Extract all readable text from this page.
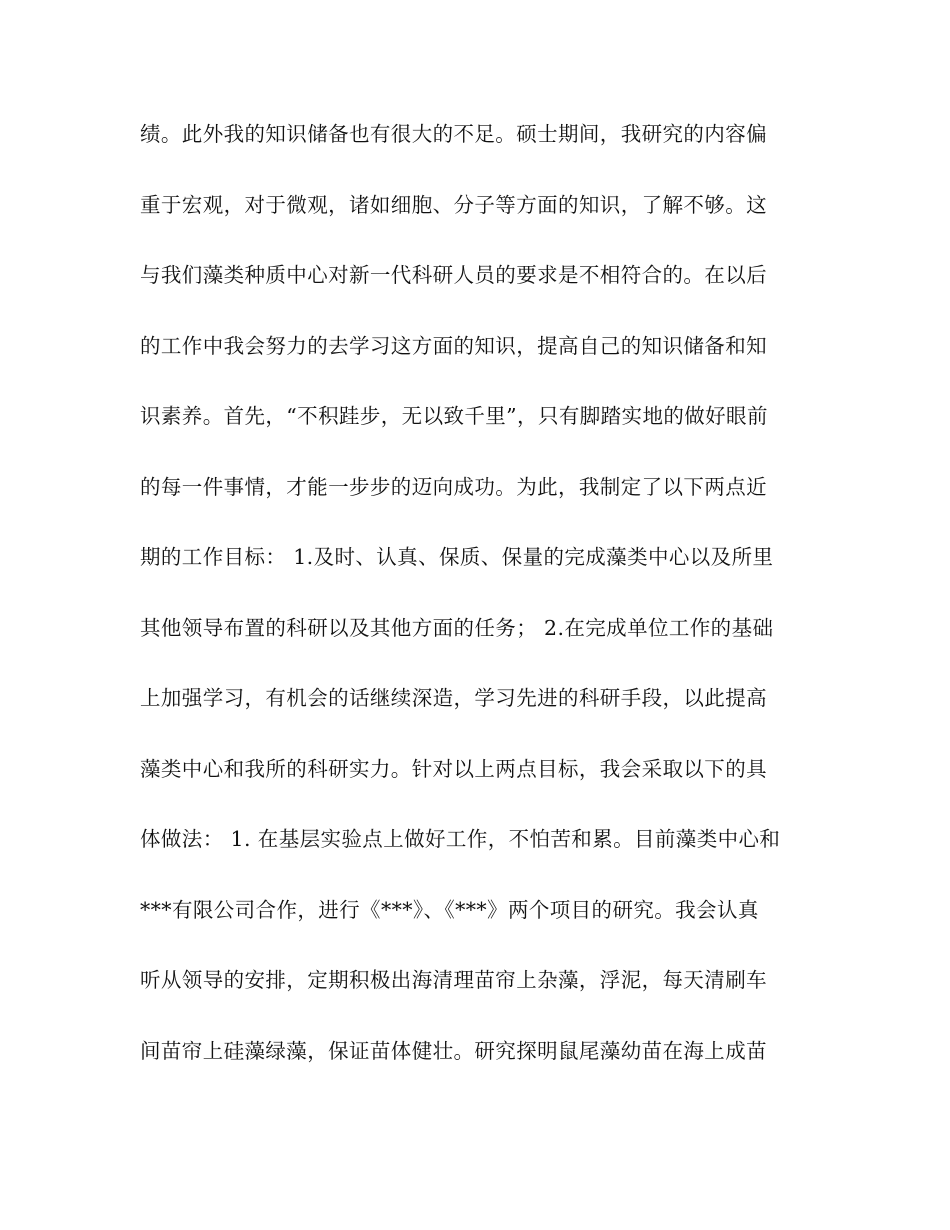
绩。此外我的知识储备也有很大的不足。硕士期间，我研究的内容偏
重于宏观，对于微观，诸如细胞、分子等方面的知识，了解不够。这
与我们藻类种质中心对新一代科研人员的要求是不相符合的。在以后
的工作中我会努力的去学习这方面的知识，提高自己的知识储备和知
识素养。首先，“不积跬步，无以致千里”，只有脚踏实地的做好眼前
的每一件事情，才能一步步的迈向成功。为此，我制定了以下两点近
期的工作目标： 1.及时、认真、保质、保量的完成藻类中心以及所里
其他领导布置的科研以及其他方面的任务； 2.在完成单位工作的基础
上加强学习，有机会的话继续深造，学习先进的科研手段，以此提高
藻类中心和我所的科研实力。针对以上两点目标，我会采取以下的具
体做法： 1. 在基层实验点上做好工作，不怕苦和累。目前藻类中心和
***有限公司合作，进行《***》、《***》两个项目的研究。我会认真
听从领导的安排，定期积极出海清理苗帘上杂藻，浮泥，每天清刷车
间苗帘上硅藻绿藻，保证苗体健壮。研究探明鼠尾藻幼苗在海上成苗
